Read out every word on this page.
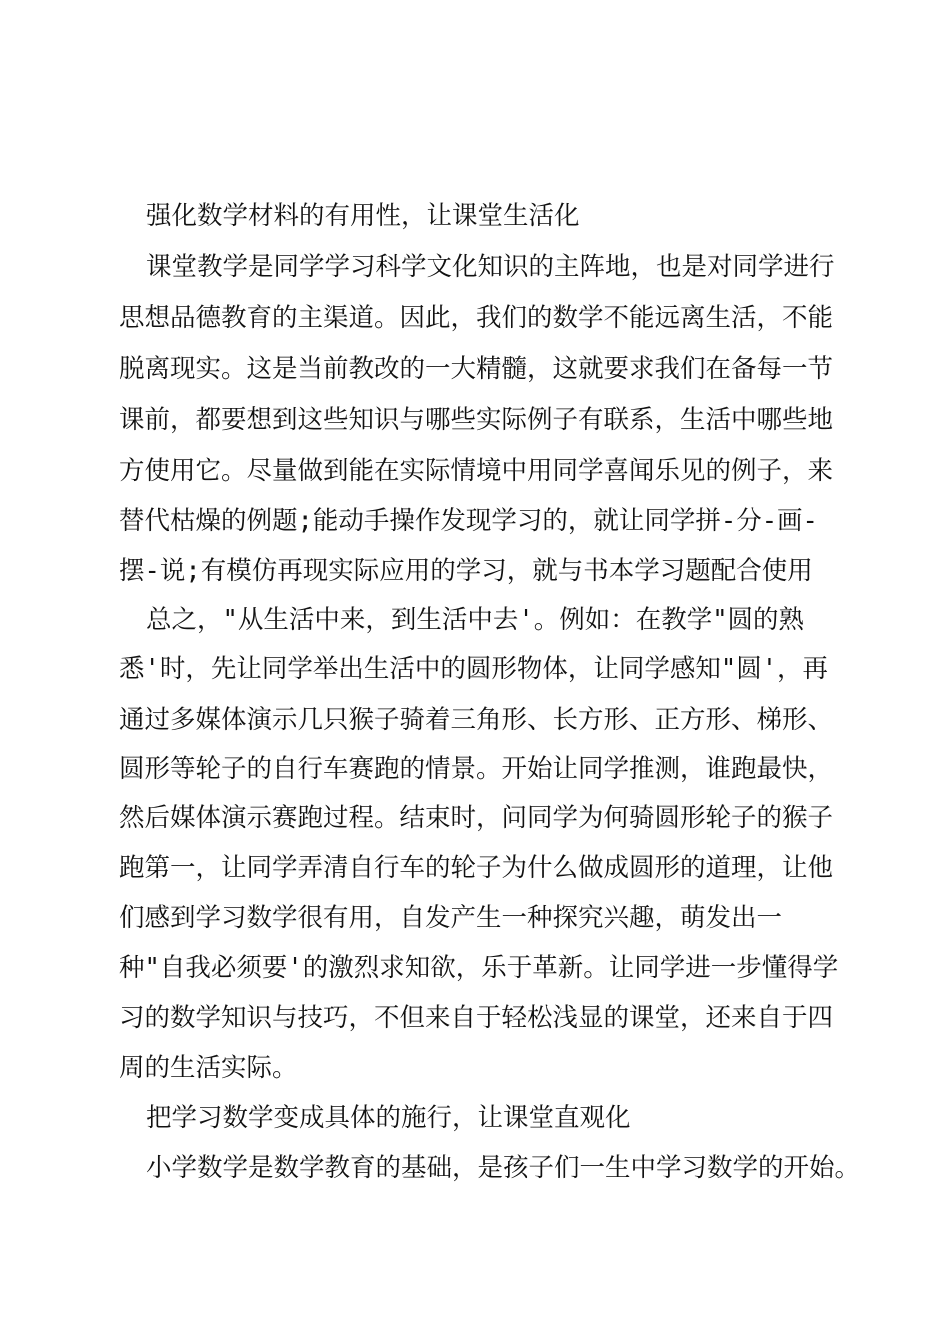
强化数学材料的有用性，让课堂生活化
课堂教学是同学学习科学文化知识的主阵地，也是对同学进行
思想品德教育的主渠道。因此，我们的数学不能远离生活，不能
脱离现实。这是当前教改的一大精髓，这就要求我们在备每一节
课前，都要想到这些知识与哪些实际例子有联系，生活中哪些地
方使用它。尽量做到能在实际情境中用同学喜闻乐见的例子，来
替代枯燥的例题;能动手操作发现学习的，就让同学拼-分-画-
摆-说;有模仿再现实际应用的学习，就与书本学习题配合使用
总之，"从生活中来，到生活中去'。例如：在教学"圆的熟
悉'时，先让同学举出生活中的圆形物体，让同学感知"圆'，再
通过多媒体演示几只猴子骑着三角形、长方形、正方形、梯形、
圆形等轮子的自行车赛跑的情景。开始让同学推测，谁跑最快，
然后媒体演示赛跑过程。结束时，问同学为何骑圆形轮子的猴子
跑第一，让同学弄清自行车的轮子为什么做成圆形的道理，让他
们感到学习数学很有用，自发产生一种探究兴趣，萌发出一
种"自我必须要'的激烈求知欲，乐于革新。让同学进一步懂得学
习的数学知识与技巧，不但来自于轻松浅显的课堂，还来自于四
周的生活实际。
把学习数学变成具体的施行，让课堂直观化
小学数学是数学教育的基础，是孩子们一生中学习数学的开始。
